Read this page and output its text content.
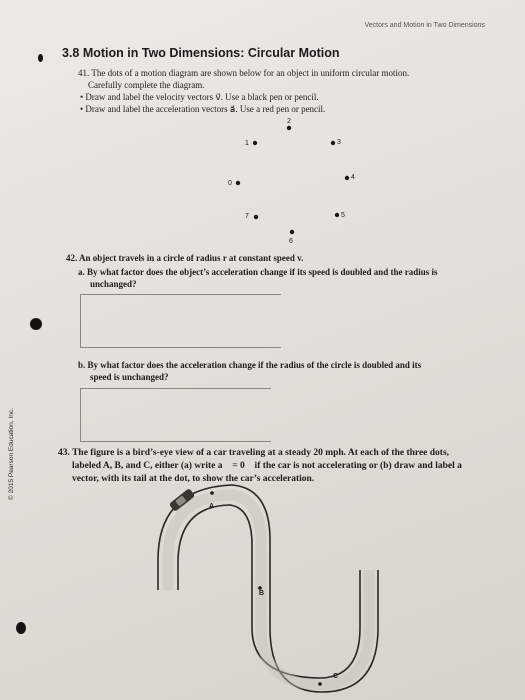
Vectors and Motion in Two Dimensions
3.8 Motion in Two Dimensions: Circular Motion
41. The dots of a motion diagram are shown below for an object in uniform circular motion.
Carefully complete the diagram.
• Draw and label the velocity vectors v⃗. Use a black pen or pencil.
• Draw and label the acceleration vectors a⃗. Use a red pen or pencil.
2
1	3
4
5
6
7
0
42. An object travels in a circle of radius r at constant speed v.
a. By what factor does the object’s acceleration change if its speed is doubled and the radius is
unchanged?
b. By what factor does the acceleration change if the radius of the circle is doubled and its
speed is unchanged?
43. The figure is a bird’s-eye view of a car traveling at a steady 20 mph. At each of the three dots,
labeled A, B, and C, either (a) write a⃗ = 0⃗ if the car is not accelerating or (b) draw and label a
vector, with its tail at the dot, to show the car’s acceleration.
A
B
C
© 2015 Pearson Education, Inc.
